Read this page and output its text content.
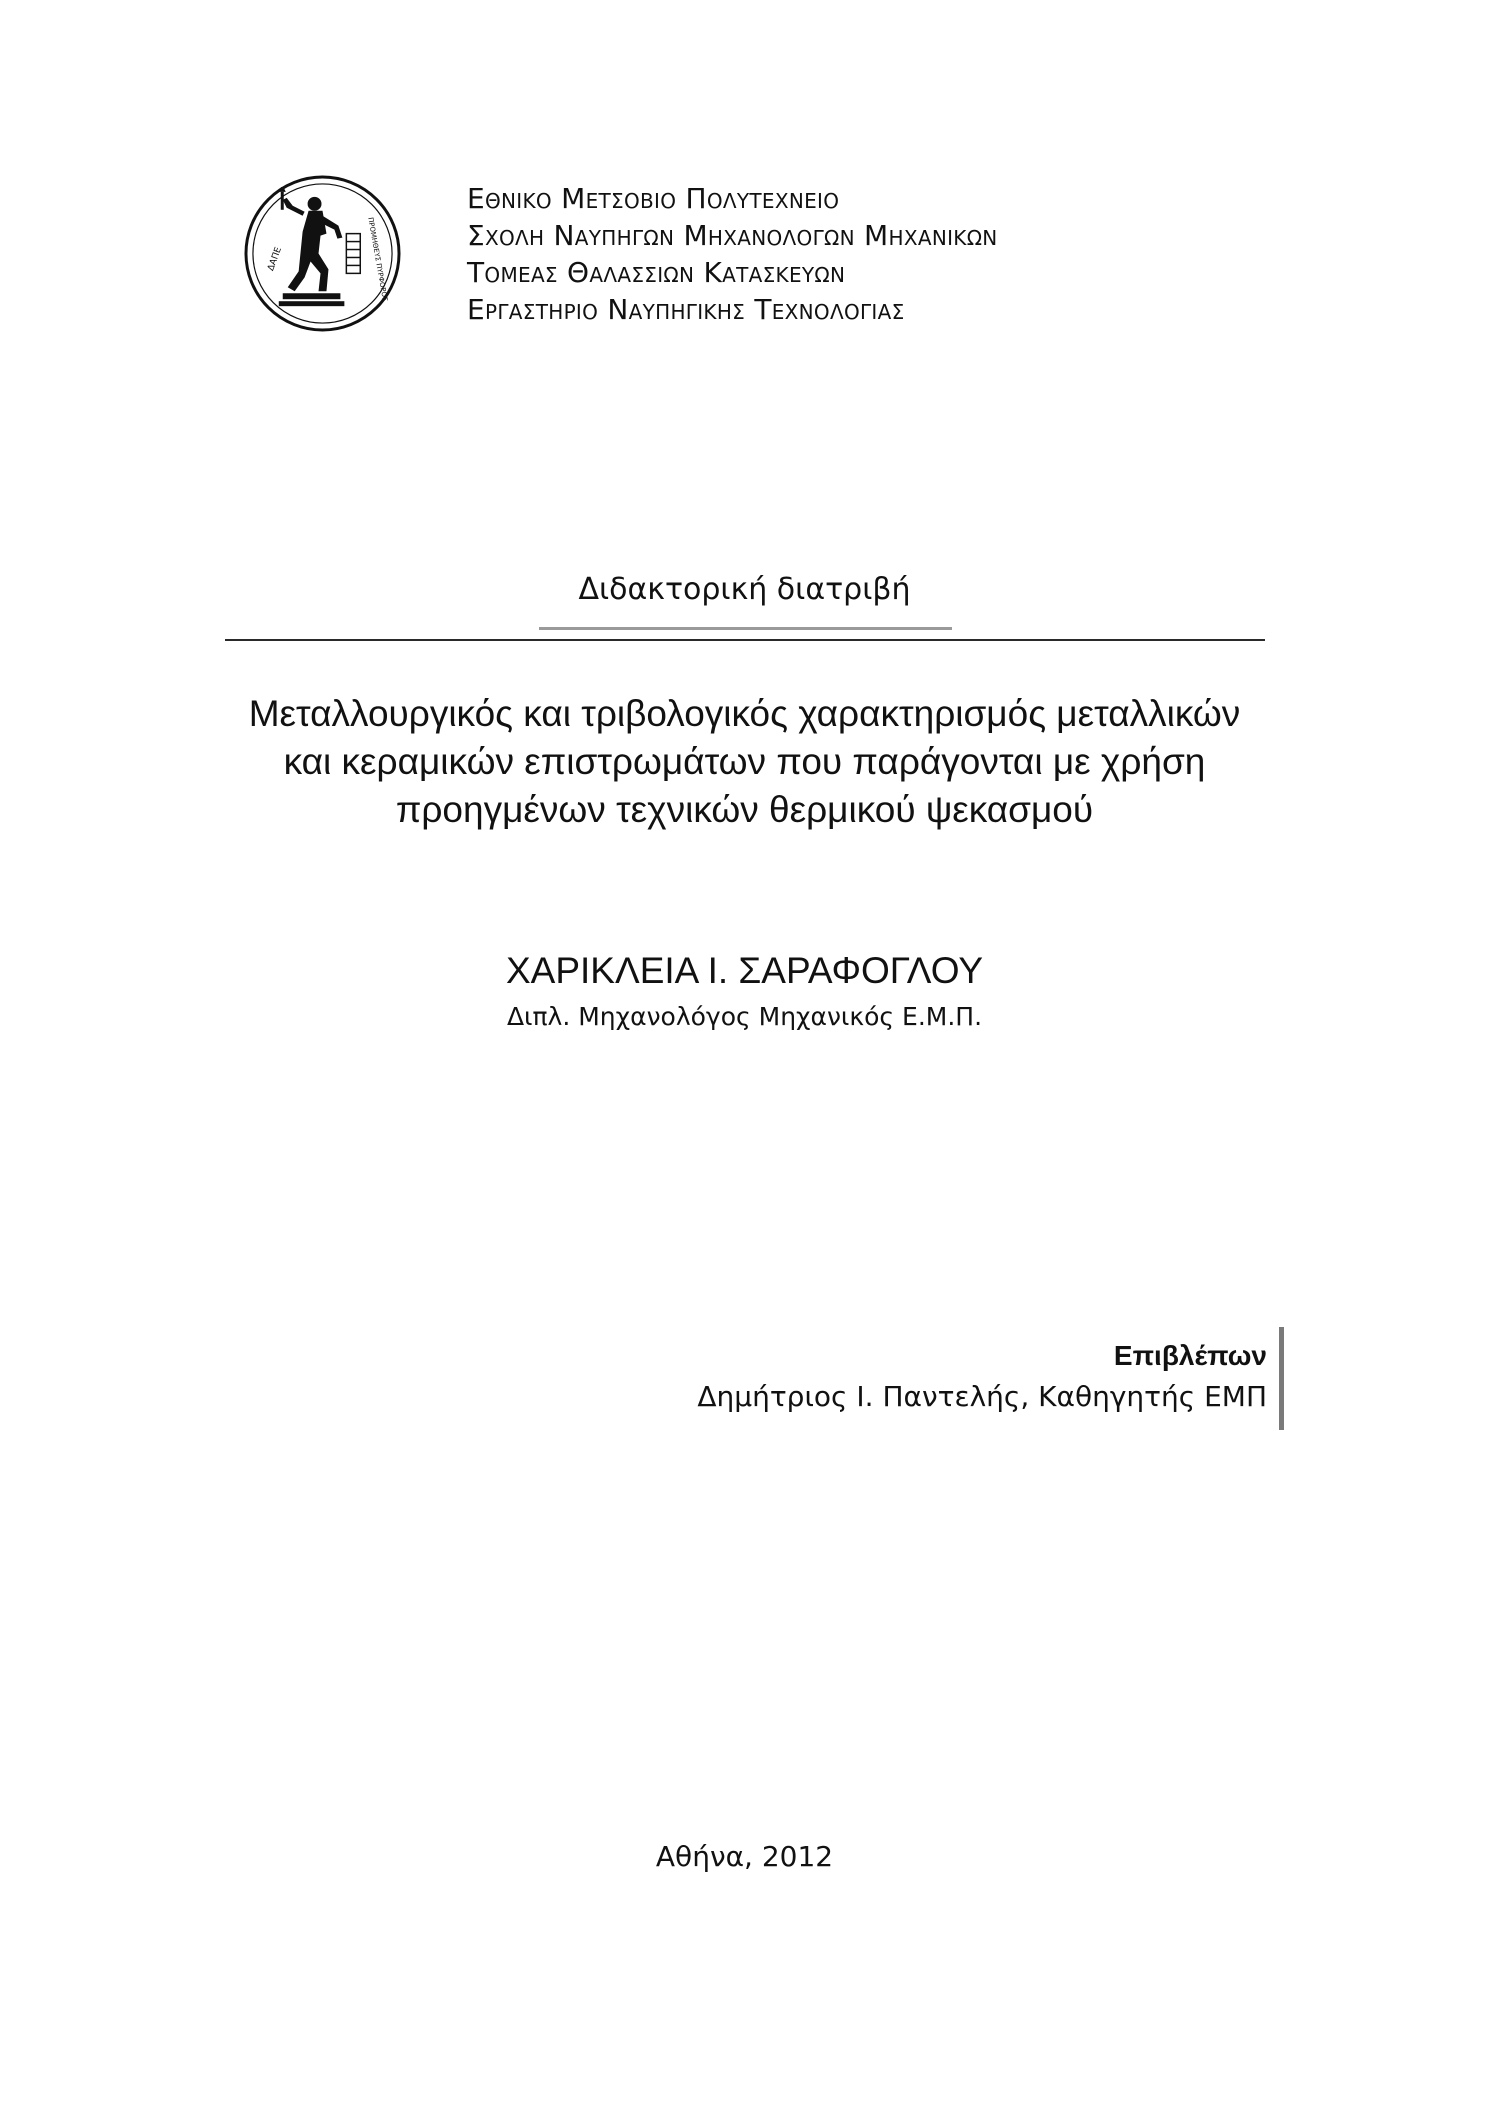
ΔΑΠΕ	ΠΡΟΜΗΘΕΥΣ ΠΥΡΦΟΡΟΣ
Εθνικο Μετσοβιο Πολυτεχνειο
Σχολη Ναυπηγων Μηχανολογων Μηχανικων
Τομεας Θαλασσιων Κατασκευων
Εργαστηριο Ναυπηγικης Τεχνολογιας
Διδακτορική διατριβή
Μεταλλουργικός και τριβολογικός χαρακτηρισμός μεταλλικών
και κεραμικών επιστρωμάτων που παράγονται με χρήση
προηγμένων τεχνικών θερμικού ψεκασμού
ΧΑΡΙΚΛΕΙΑ Ι. ΣΑΡΑΦΟΓΛΟΥ
Διπλ. Μηχανολόγος Μηχανικός Ε.Μ.Π.
Επιβλέπων
Δημήτριος Ι. Παντελής, Καθηγητής ΕΜΠ
Αθήνα, 2012
